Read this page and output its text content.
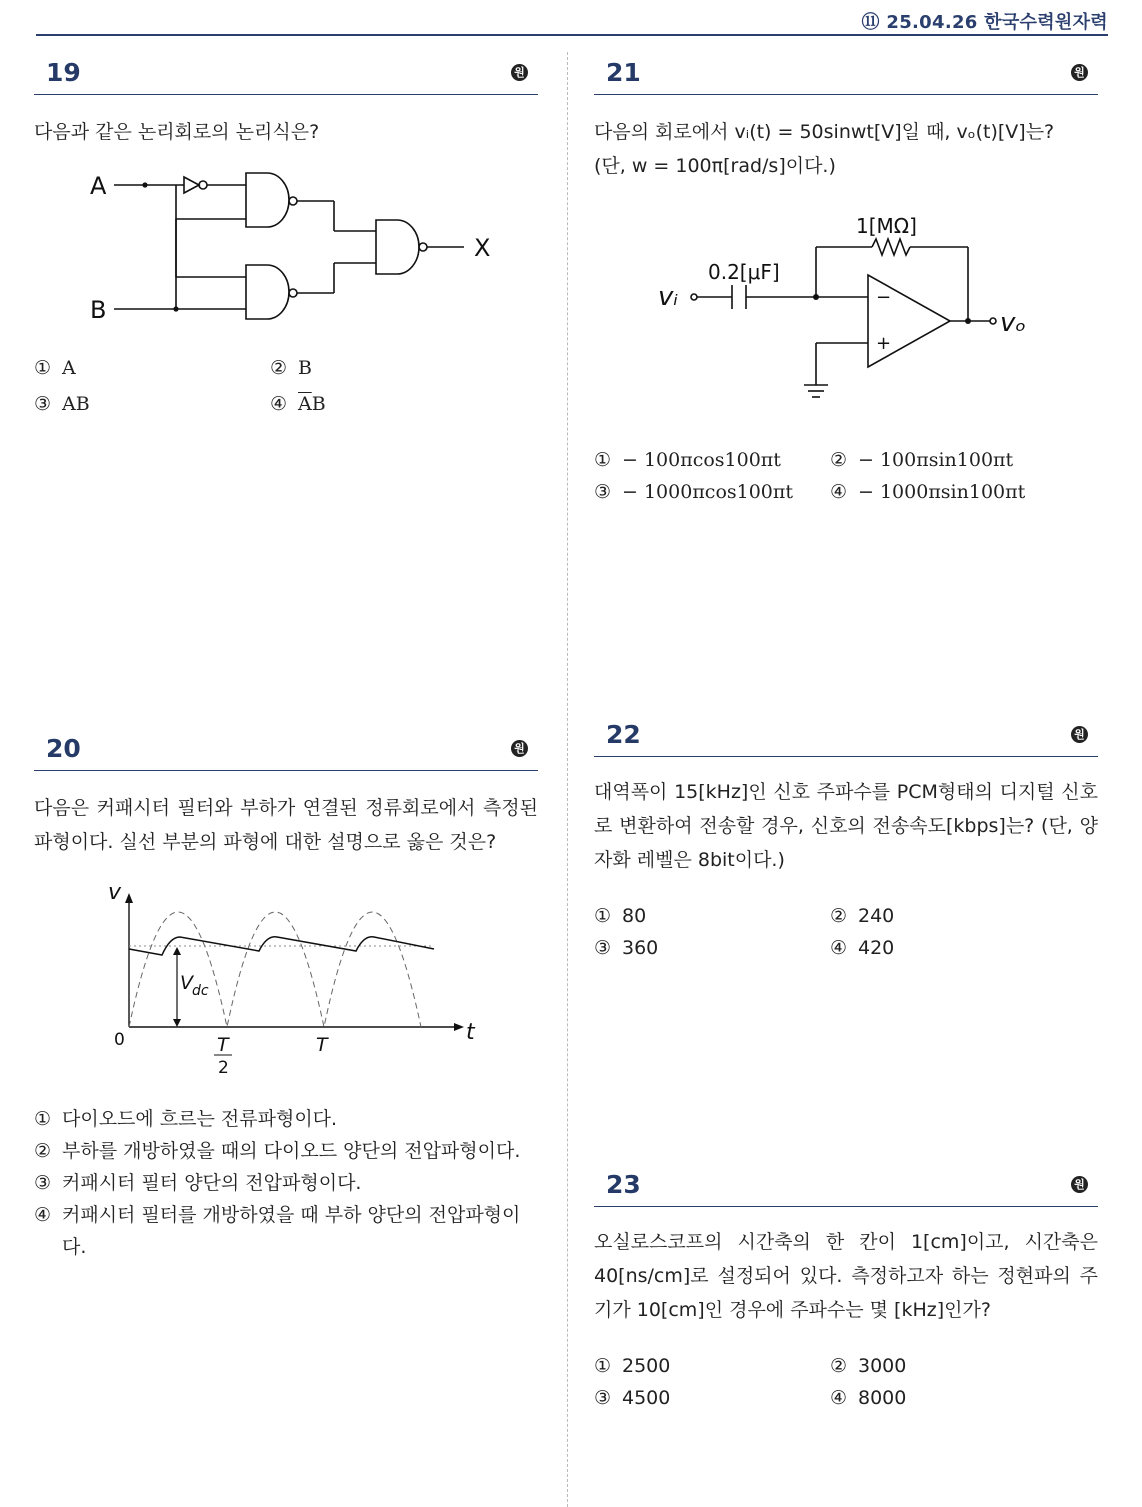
⑪ 25.04.26 한국수력원자력
19	원
다음과 같은 논리회로의 논리식은?
A
B
X
① A	② B
③ AB	④ $\overline{A}B$
20	원
다음은 커패시터 필터와 부하가 연결된 정류회로에서 측정된 파형이다. 실선 부분의 파형에 대한 설명으로 옳은 것은?
v
t
0
V dc
T
2
T
① 다이오드에 흐르는 전류파형이다.
② 부하를 개방하였을 때의 다이오드 양단의 전압파형이다.
③ 커패시터 필터 양단의 전압파형이다.
④ 커패시터 필터를 개방하였을 때 부하 양단의 전압파형이다.
21	원
다음의 회로에서 vᵢ(t) = 50sinwt[V]일 때, vₒ(t)[V]는?
(단, w = 100π[rad/s]이다.)
1[MΩ]
0.2[μF]
vᵢ
vₒ
−
+
① − 100πcos100πt	② − 100πsin100πt
③ − 1000πcos100πt ④ − 1000πsin100πt
22	원
대역폭이 15[kHz]인 신호 주파수를 PCM형태의 디지털 신호로 변환하여 전송할 경우, 신호의 전송속도[kbps]는? (단, 양자화 레벨은 8bit이다.)
① 80	② 240
③ 360	④ 420
23	원
오실로스코프의 시간축의 한 칸이 1[cm]이고, 시간축은 40[ns/cm]로 설정되어 있다. 측정하고자 하는 정현파의 주기가 10[cm]인 경우에 주파수는 몇 [kHz]인가?
① 2500	② 3000
③ 4500	④ 8000
